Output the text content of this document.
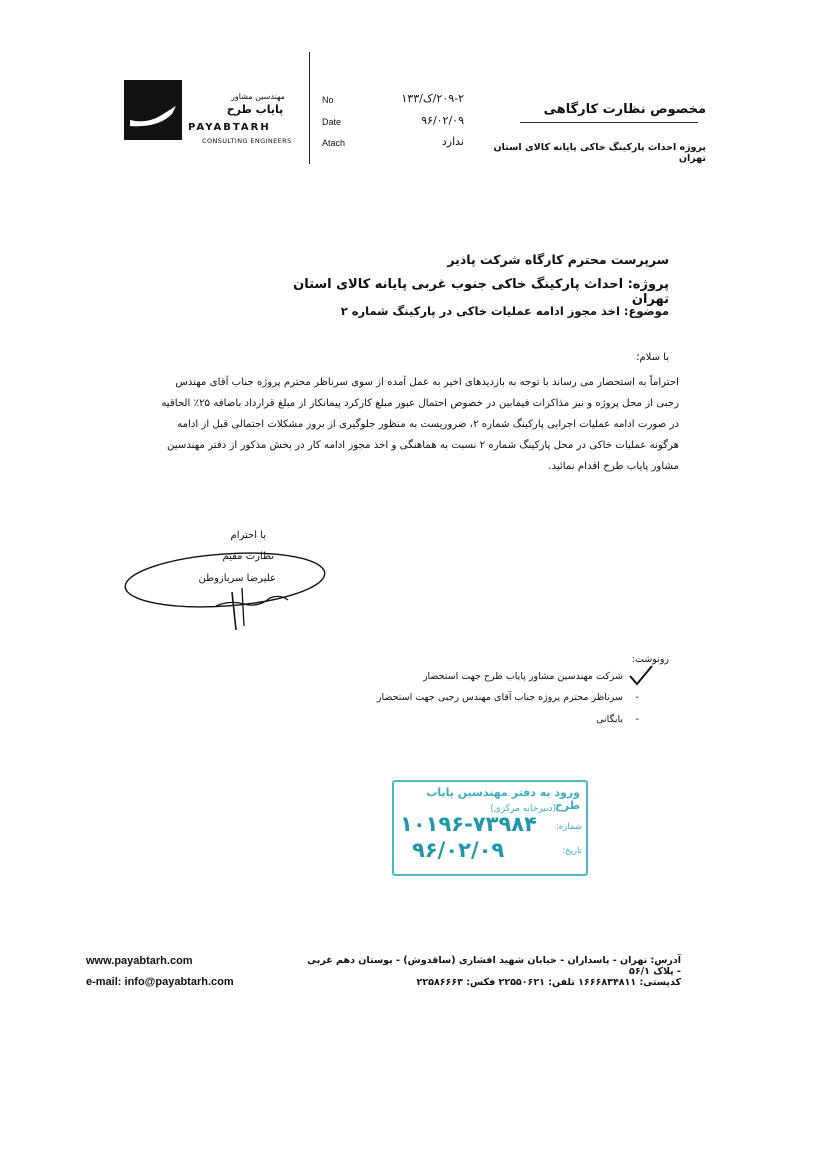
مهندسین مشاور
پایاب طرح
PAYABTARH
CONSULTING ENGINEERS
No	۲۰۹-۲/ک/۱۳۳
Date	۹۶/۰۲/۰۹
Atach	ندارد
مخصوص نظارت کارگاهی
پروژه احداث پارکینگ خاکی پایانه کالای استان تهران
سرپرست محترم کارگاه شرکت پاذیر
پروژه: احداث پارکینگ خاکی جنوب غربی پایانه کالای استان تهران
موضوع: اخذ مجوز ادامه عملیات خاکی در پارکینگ شماره ۲
با سلام؛
احتراماً به استحضار می رساند با توجه به بازدیدهای اخیر به عمل آمده از سوی سرناظر محترم پروژه جناب آقای مهندس
رجبی از محل پروژه و نیز مذاکرات فیمابین در خصوص احتمال عبور مبلغ کارکرد پیمانکار از مبلغ قرارداد باضافه ۲۵٪ الحاقیه
در صورت ادامه عملیات اجرایی پارکینگ شماره ۲، ضروریست به منظور جلوگیری از بروز مشکلات احتمالی قبل از ادامه
هرگونه عملیات خاکی در محل پارکینگ شماره ۲ نسبت به هماهنگی و اخذ مجوز ادامه کار در بخش مذکور از دفتر مهندسین
مشاور پایاب طرح اقدام نمائید.
با احترام
نظارت مقیم
علیرضا سربازوطن
رونوشت:
شرکت مهندسین مشاور پایاب طرح جهت استحضار
-
سرناظر محترم پروژه جناب آقای مهندس رجبی جهت استحضار
-
بایگانی
ورود به دفتر مهندسین پایاب طرح
(دبیرخانه مرکزی)
شماره:
تاریخ:
۱۰۱۹۶-۷۳۹۸۴
۹۶/۰۲/۰۹
www.payabtarh.com
e-mail: info@payabtarh.com
آدرس: تهران - پاسداران - خیابان شهید افشاری (ساقدوش) - بوستان دهم غربی - پلاک ۵۶/۱
کدپستی: ۱۶۶۶۸۳۴۸۱۱ تلفن: ۲۲۵۵۰۶۲۱ فکس: ۲۲۵۸۶۶۶۳
